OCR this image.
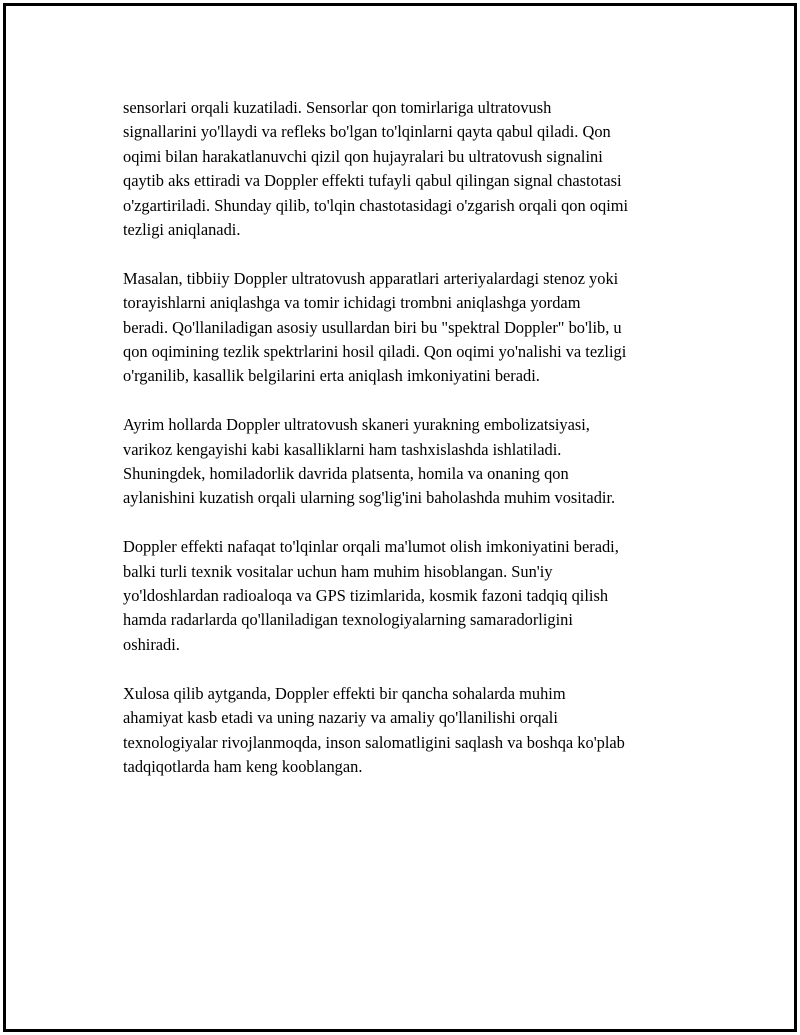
sensorlari orqali kuzatiladi. Sensorlar qon tomirlariga ultratovush
signallarini yo'llaydi va refleks bo'lgan to'lqinlarni qayta qabul qiladi. Qon
oqimi bilan harakatlanuvchi qizil qon hujayralari bu ultratovush signalini
qaytib aks ettiradi va Doppler effekti tufayli qabul qilingan signal chastotasi
o'zgartiriladi. Shunday qilib, to'lqin chastotasidagi o'zgarish orqali qon oqimi
tezligi aniqlanadi.

Masalan, tibbiiy Doppler ultratovush apparatlari arteriyalardagi stenoz yoki
torayishlarni aniqlashga va tomir ichidagi trombni aniqlashga yordam
beradi. Qo'llaniladigan asosiy usullardan biri bu "spektral Doppler" bo'lib, u
qon oqimining tezlik spektrlarini hosil qiladi. Qon oqimi yo'nalishi va tezligi
o'rganilib, kasallik belgilarini erta aniqlash imkoniyatini beradi.

Ayrim hollarda Doppler ultratovush skaneri yurakning embolizatsiyasi,
varikoz kengayishi kabi kasalliklarni ham tashxislashda ishlatiladi.
Shuningdek, homiladorlik davrida platsenta, homila va onaning qon
aylanishini kuzatish orqali ularning sog'lig'ini baholashda muhim vositadir.

Doppler effekti nafaqat to'lqinlar orqali ma'lumot olish imkoniyatini beradi,
balki turli texnik vositalar uchun ham muhim hisoblangan. Sun'iy
yo'ldoshlardan radioaloqa va GPS tizimlarida, kosmik fazoni tadqiq qilish
hamda radarlarda qo'llaniladigan texnologiyalarning samaradorligini
oshiradi.

Xulosa qilib aytganda, Doppler effekti bir qancha sohalarda muhim
ahamiyat kasb etadi va uning nazariy va amaliy qo'llanilishi orqali
texnologiyalar rivojlanmoqda, inson salomatligini saqlash va boshqa ko'plab
tadqiqotlarda ham keng kooblangan.
